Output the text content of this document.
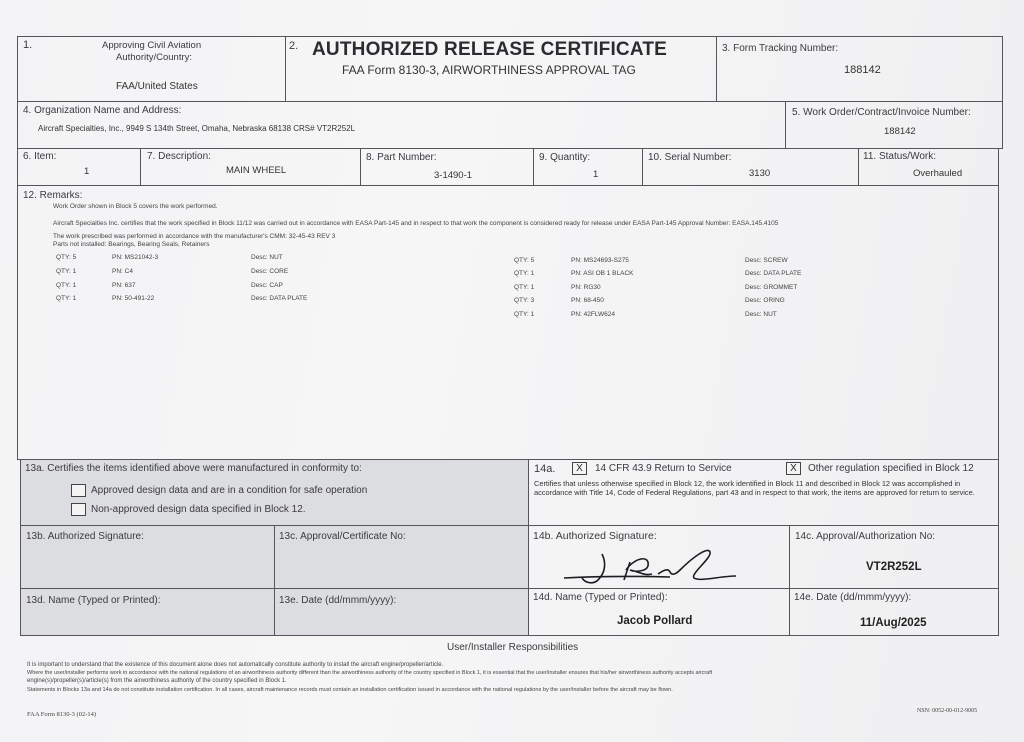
1.	Approving Civil Aviation
Authority/Country:
FAA/United States
2. AUTHORIZED RELEASE CERTIFICATE
FAA Form 8130-3, AIRWORTHINESS APPROVAL TAG
3. Form Tracking Number:
188142
4. Organization Name and Address:
Aircraft Specialties, Inc., 9949 S 134th Street, Omaha, Nebraska 68138 CRS# VT2R252L
5. Work Order/Contract/Invoice Number:
188142
6. Item:
1
7. Description:
MAIN WHEEL
8. Part Number:
3-1490-1
9. Quantity:
1
10. Serial Number:
3130
11. Status/Work:
Overhauled
12. Remarks:
Work Order shown in Block 5 covers the work performed.
Aircraft Specialties Inc. certifies that the work specified in Block 11/12 was carried out in accordance with EASA Part-145 and in respect to that work the component is considered ready for release under EASA Part-145 Approval Number: EASA.145.4105
The work prescribed was performed in accordance with the manufacturer's CMM: 32-45-43 REV 3
Parts not installed: Bearings, Bearing Seals, Retainers
QTY: 5	PN: MS21042-3	Desc: NUT
QTY: 1	PN: C4	Desc: CORE
QTY: 1	PN: 637	Desc: CAP
QTY: 1	PN: 50-491-22	Desc: DATA PLATE
QTY: 5	PN: MS24693-S275	Desc: SCREW
QTY: 1	PN: ASI OB 1 BLACK	Desc: DATA PLATE
QTY: 1	PN: RG30	Desc: GROMMET
QTY: 3	PN: 68-450	Desc: ORING
QTY: 1	PN: 42FLW624	Desc: NUT
13a. Certifies the items identified above were manufactured in conformity to:
Approved design data and are in a condition for safe operation
Non-approved design data specified in Block 12.
14a.	X	14 CFR 43.9 Return to Service	X	Other regulation specified in Block 12
Certifies that unless otherwise specified in Block 12, the work identified in Block 11 and described in Block 12 was accomplished in accordance with Title 14, Code of Federal Regulations, part 43 and in respect to that work, the items are approved for return to service.
13b. Authorized Signature:	13c. Approval/Certificate No:	14b. Authorized Signature:	14c. Approval/Authorization No:
VT2R252L
13d. Name (Typed or Printed):	13e. Date (dd/mmm/yyyy):	14d. Name (Typed or Printed):
Jacob Pollard
14e. Date (dd/mmm/yyyy):
11/Aug/2025
User/Installer Responsibilities
It is important to understand that the existence of this document alone does not automatically constitute authority to install the aircraft engine/propeller/article.
Where the user/installer performs work in accordance with the national regulations of an airworthiness authority different than the airworthiness authority of the country specified in Block 1, it is essential that the user/installer ensures that his/her airworthiness authority accepts aircraft
engine(s)/propeller(s)/article(s) from the airworthiness authority of the country specified in Block 1.
Statements in Blocks 13a and 14a do not constitute installation certification. In all cases, aircraft maintenance records must contain an installation certification issued in accordance with the national regulations by the user/installer before the aircraft may be flown.
FAA Form 8130-3 (02-14)	NSN: 0052-00-012-9005
